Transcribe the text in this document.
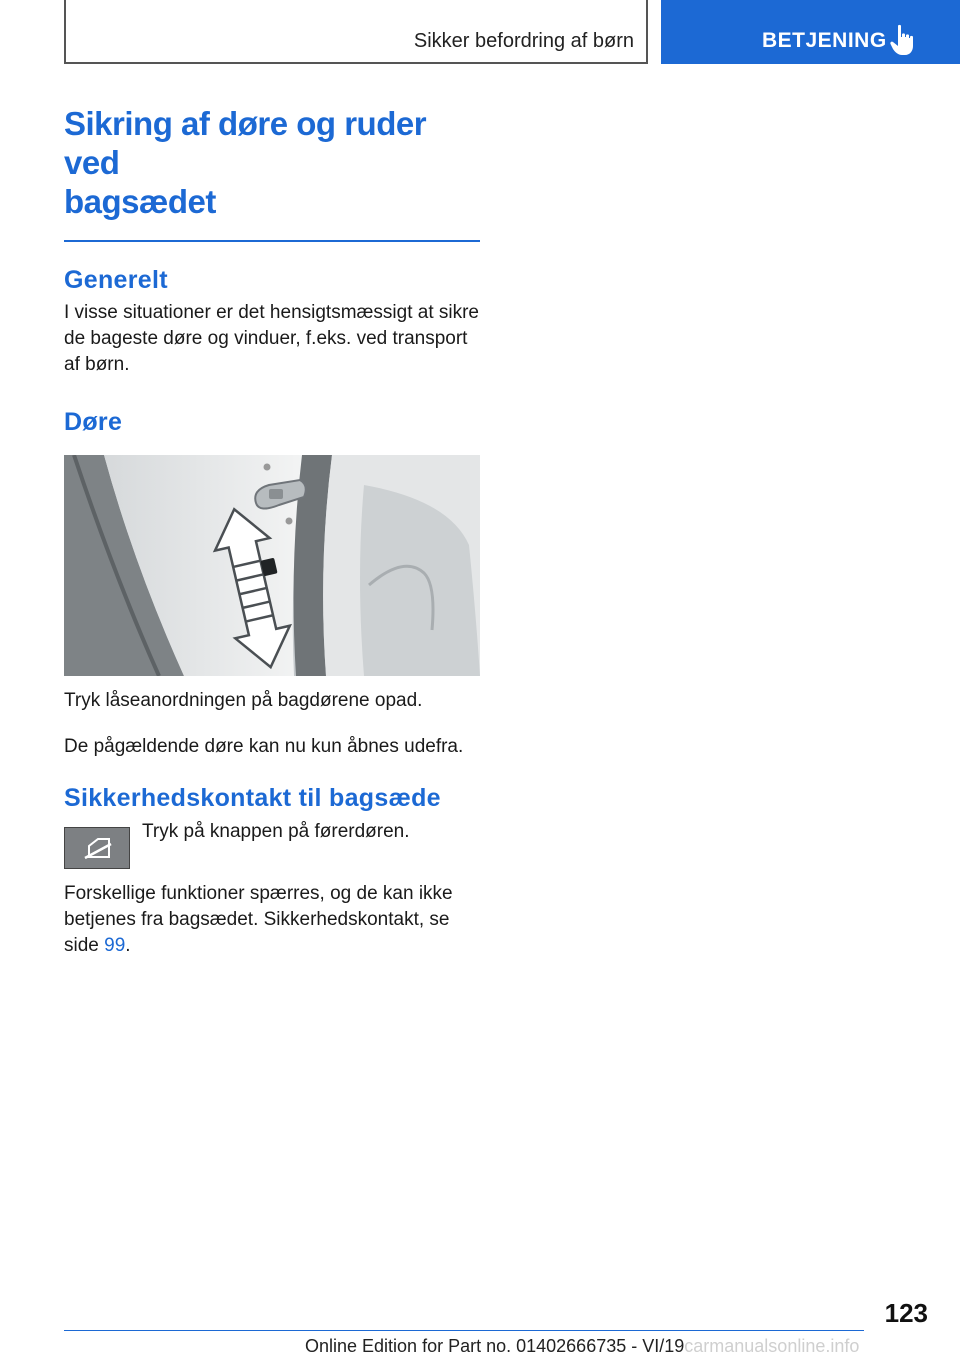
Sikker befordring af børn	BETJENING
Sikring af døre og ruder ved
bagsædet
Generelt

I visse situationer er det hensigtsmæssigt at sikre de bageste døre og vinduer, f.eks. ved transport af børn.

Døre

Tryk låseanordningen på bagdørene opad.

De pågældende døre kan nu kun åbnes udefra.

Sikkerhedskontakt til bagsæde

Tryk på knappen på førerdøren.

Forskellige funktioner spærres, og de kan ikke betjenes fra bagsædet. Sikkerhedskontakt, se side 99.

123
Online Edition for Part no. 01402666735 - VI/19carmanualsonline.info
